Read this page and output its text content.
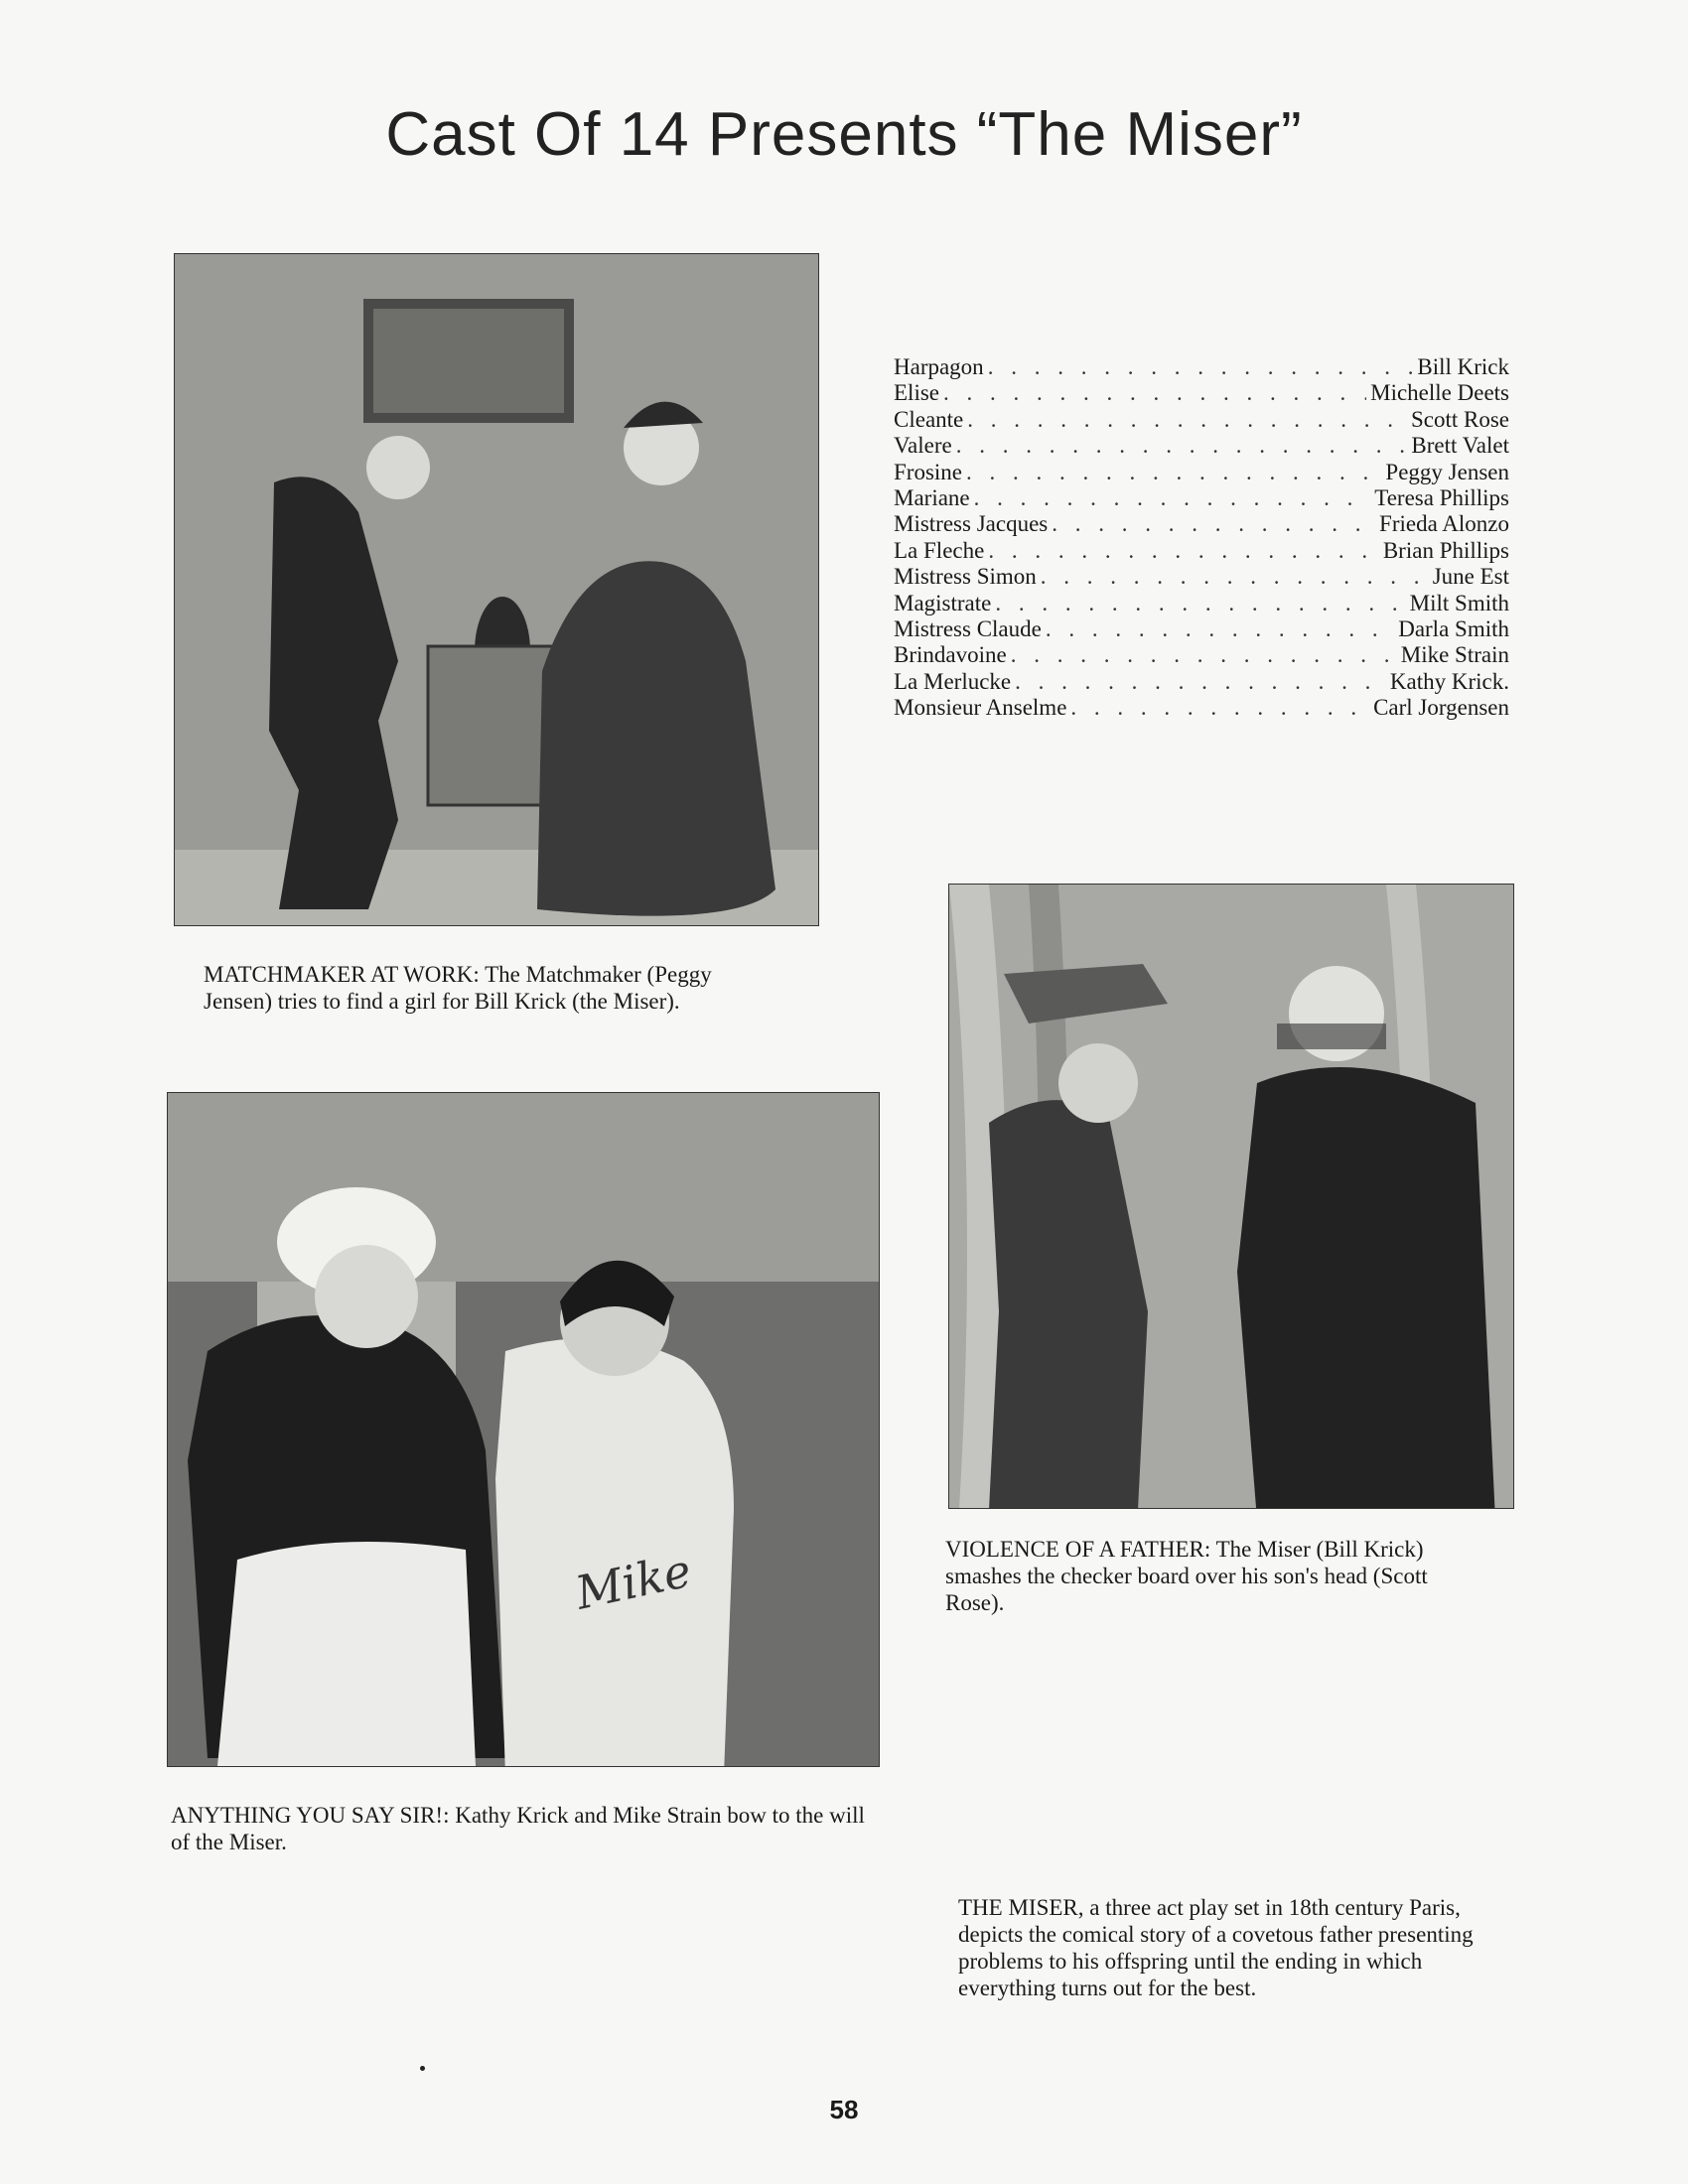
Cast Of 14 Presents “The Miser”
Harpagon . . .	Bill Krick
Elise . . .	Michelle Deets
Cleante . . .	Scott Rose
Valere . . .	Brett Valet
Frosine . . .	Peggy Jensen
Mariane . . .	Teresa Phillips
Mistress Jacques . . .	Frieda Alonzo
La Fleche . . .	Brian Phillips
Mistress Simon . . .	June Est
Magistrate . . .	Milt Smith
Mistress Claude . . .	Darla Smith
Brindavoine . . .	Mike Strain
La Merlucke . . .	Kathy Krick.
Monsieur Anselme . . .	Carl Jorgensen
MATCHMAKER AT WORK: The Matchmaker (Peggy Jensen) tries to find a girl for Bill Krick (the Miser).
VIOLENCE OF A FATHER: The Miser (Bill Krick) smashes the checker board over his son's head (Scott Rose).
Mike
ANYTHING YOU SAY SIR!: Kathy Krick and Mike Strain bow to the will of the Miser.
THE MISER, a three act play set in 18th century Paris, depicts the comical story of a covetous father presenting problems to his offspring until the ending in which everything turns out for the best.
58
